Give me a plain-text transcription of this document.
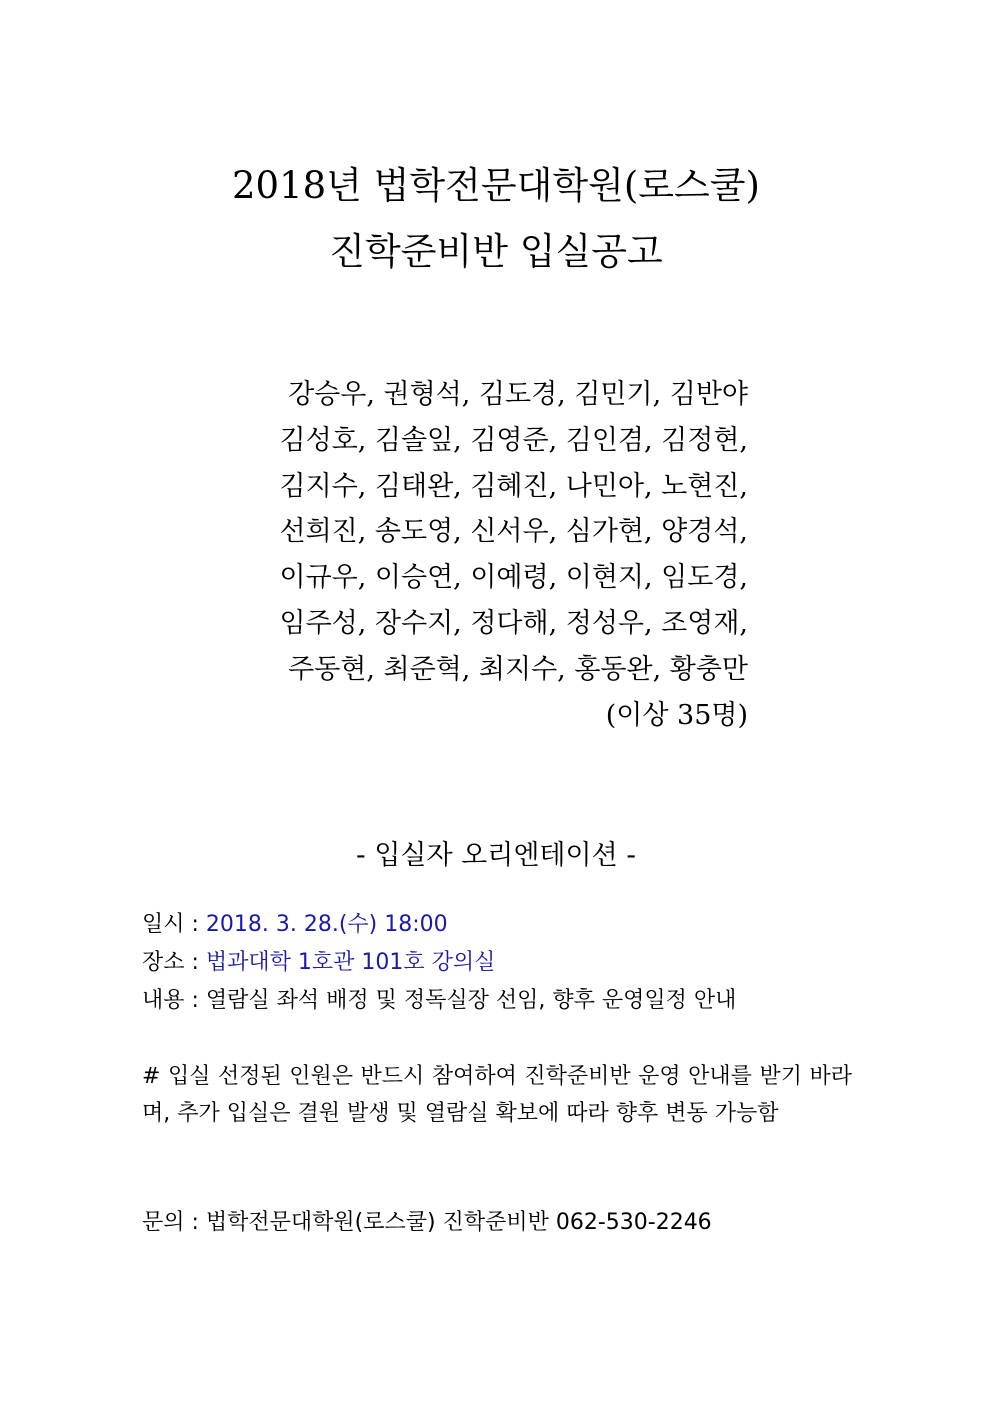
2018년 법학전문대학원(로스쿨)
진학준비반 입실공고
강승우, 권형석, 김도경, 김민기, 김반야
김성호, 김솔잎, 김영준, 김인겸, 김정현,
김지수, 김태완, 김혜진, 나민아, 노현진,
선희진, 송도영, 신서우, 심가현, 양경석,
이규우, 이승연, 이예령, 이현지, 임도경,
임주성, 장수지, 정다해, 정성우, 조영재,
주동현, 최준혁, 최지수, 홍동완, 황충만
(이상 35명)
- 입실자 오리엔테이션 -
일시 : 2018. 3. 28.(수) 18:00
장소 : 법과대학 1호관 101호 강의실
내용 : 열람실 좌석 배정 및 정독실장 선임, 향후 운영일정 안내
# 입실 선정된 인원은 반드시 참여하여 진학준비반 운영 안내를 받기 바라며, 추가 입실은 결원 발생 및 열람실 확보에 따라 향후 변동 가능함
문의 : 법학전문대학원(로스쿨) 진학준비반 062-530-2246
